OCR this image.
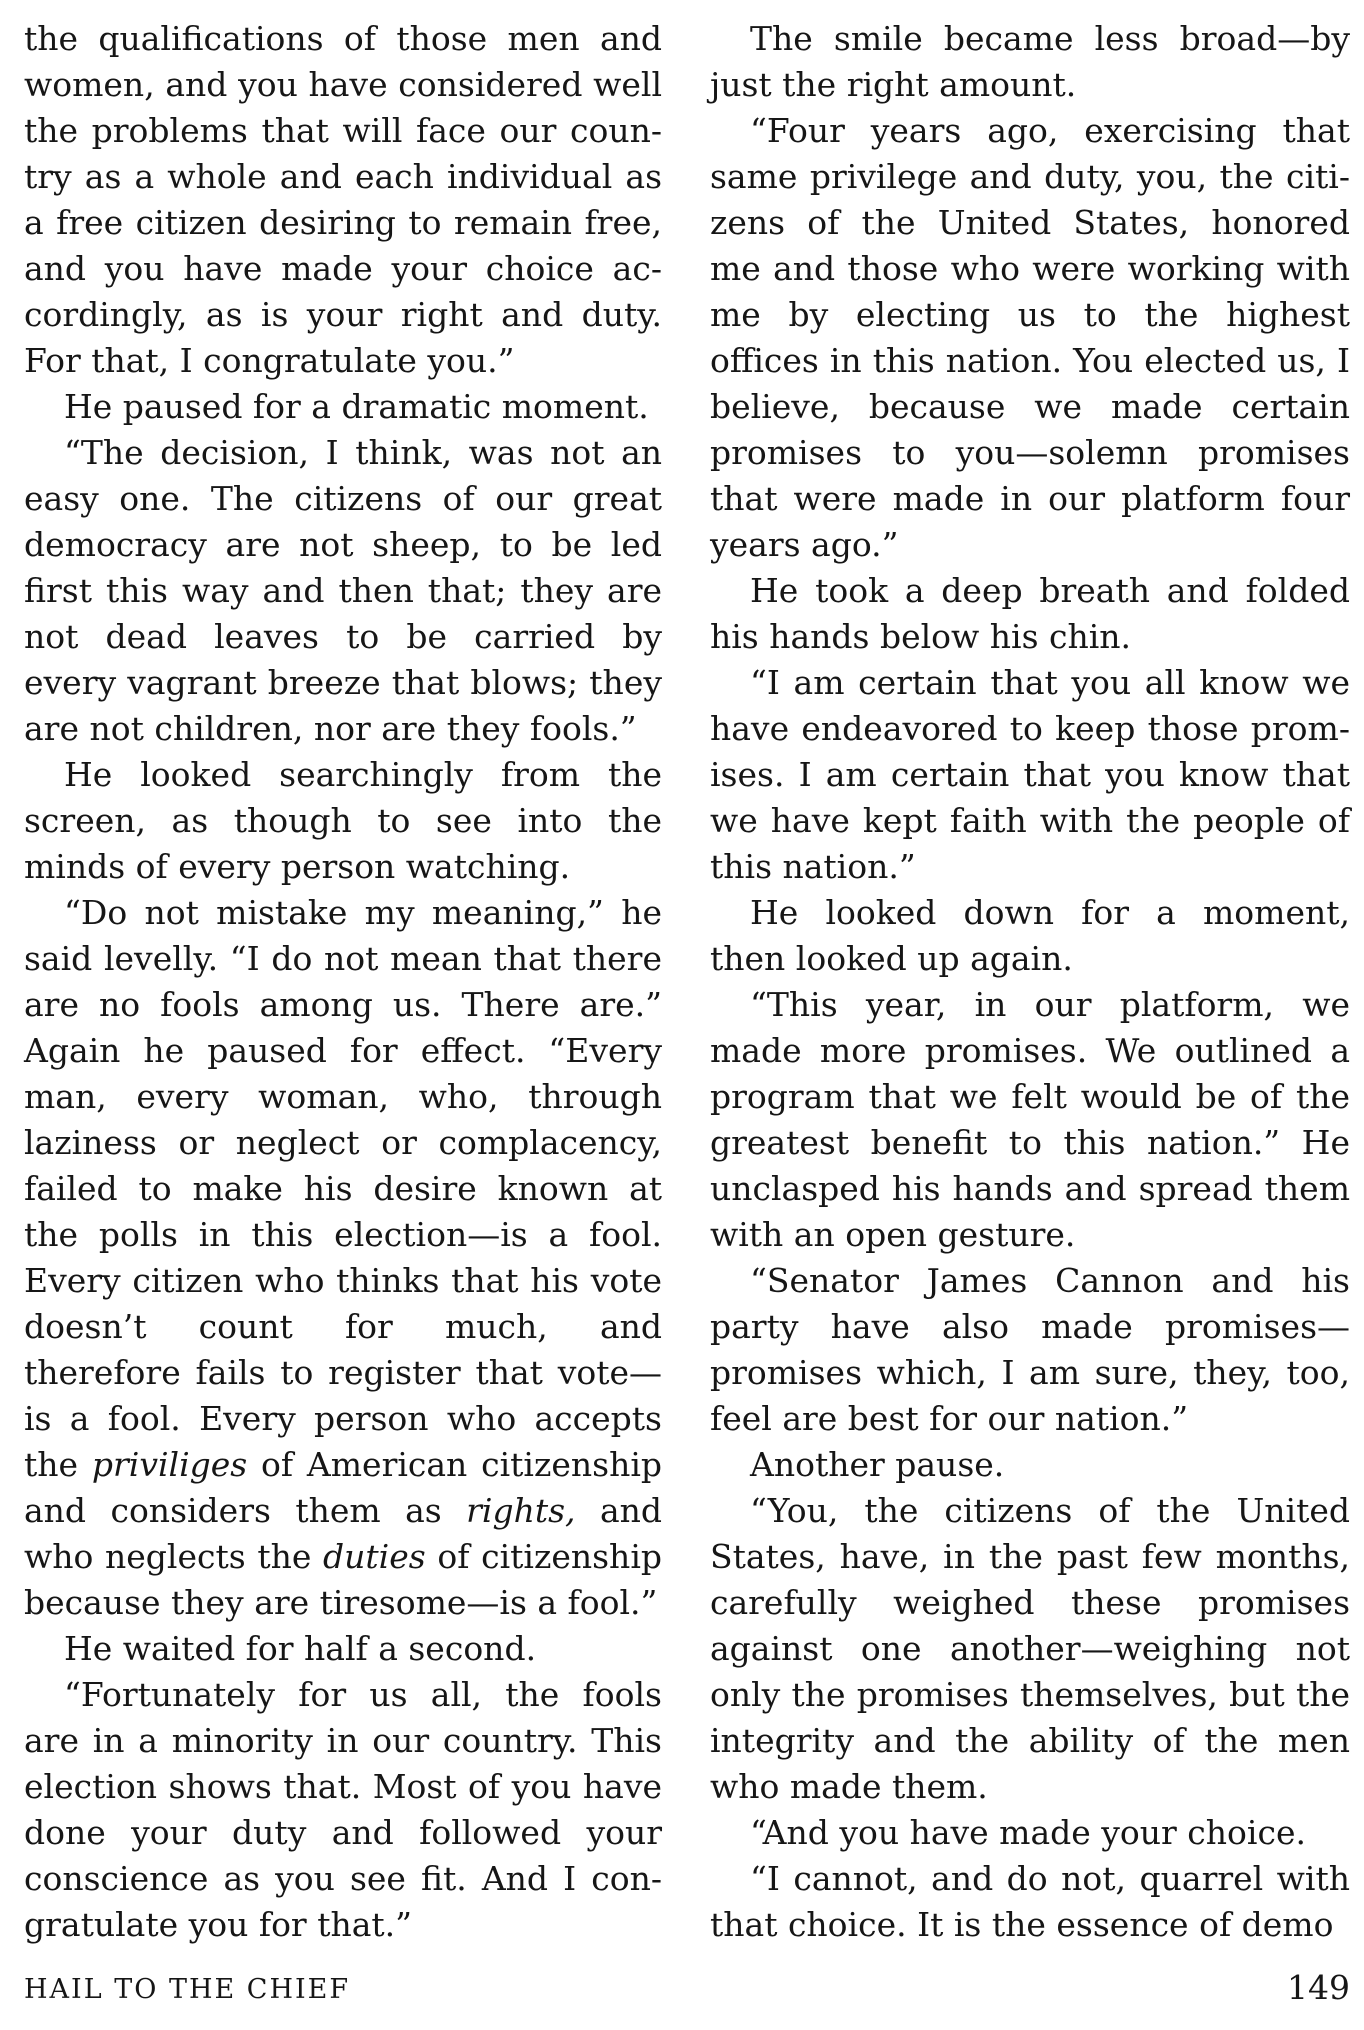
the qualifications of those men and women, and you have considered well the problems that will face our country as a whole and each individual as a free citizen desiring to remain free, and you have made your choice accordingly, as is your right and duty. For that, I congratulate you.”

He paused for a dramatic moment.

“The decision, I think, was not an easy one. The citizens of our great democracy are not sheep, to be led first this way and then that; they are not dead leaves to be carried by every vagrant breeze that blows; they are not children, nor are they fools.”

He looked searchingly from the screen, as though to see into the minds of every person watching.

“Do not mistake my meaning,” he said levelly. “I do not mean that there are no fools among us. There are.” Again he paused for effect. “Every man, every woman, who, through laziness or neglect or complacency, failed to make his desire known at the polls in this election—is a fool. Every citizen who thinks that his vote doesn’t count for much, and therefore fails to register that vote—is a fool. Every person who accepts the priviliges of American citizenship and considers them as rights, and who neglects the duties of citizenship because they are tiresome—is a fool.”

He waited for half a second.

“Fortunately for us all, the fools are in a minority in our country. This election shows that. Most of you have done your duty and followed your conscience as you see fit. And I congratulate you for that.”

The smile became less broad—by just the right amount.

“Four years ago, exercising that same privilege and duty, you, the citizens of the United States, honored me and those who were working with me by electing us to the highest offices in this nation. You elected us, I believe, because we made certain promises to you—solemn promises that were made in our platform four years ago.”

He took a deep breath and folded his hands below his chin.

“I am certain that you all know we have endeavored to keep those promises. I am certain that you know that we have kept faith with the people of this nation.”

He looked down for a moment, then looked up again.

“This year, in our platform, we made more promises. We outlined a program that we felt would be of the greatest benefit to this nation.” He unclasped his hands and spread them with an open gesture.

“Senator James Cannon and his party have also made promises— promises which, I am sure, they, too, feel are best for our nation.”

Another pause.

“You, the citizens of the United States, have, in the past few months, carefully weighed these promises against one another—weighing not only the promises themselves, but the integrity and the ability of the men who made them.

“And you have made your choice.

“I cannot, and do not, quarrel with that choice. It is the essence of demo

HAIL TO THE CHIEF	149
